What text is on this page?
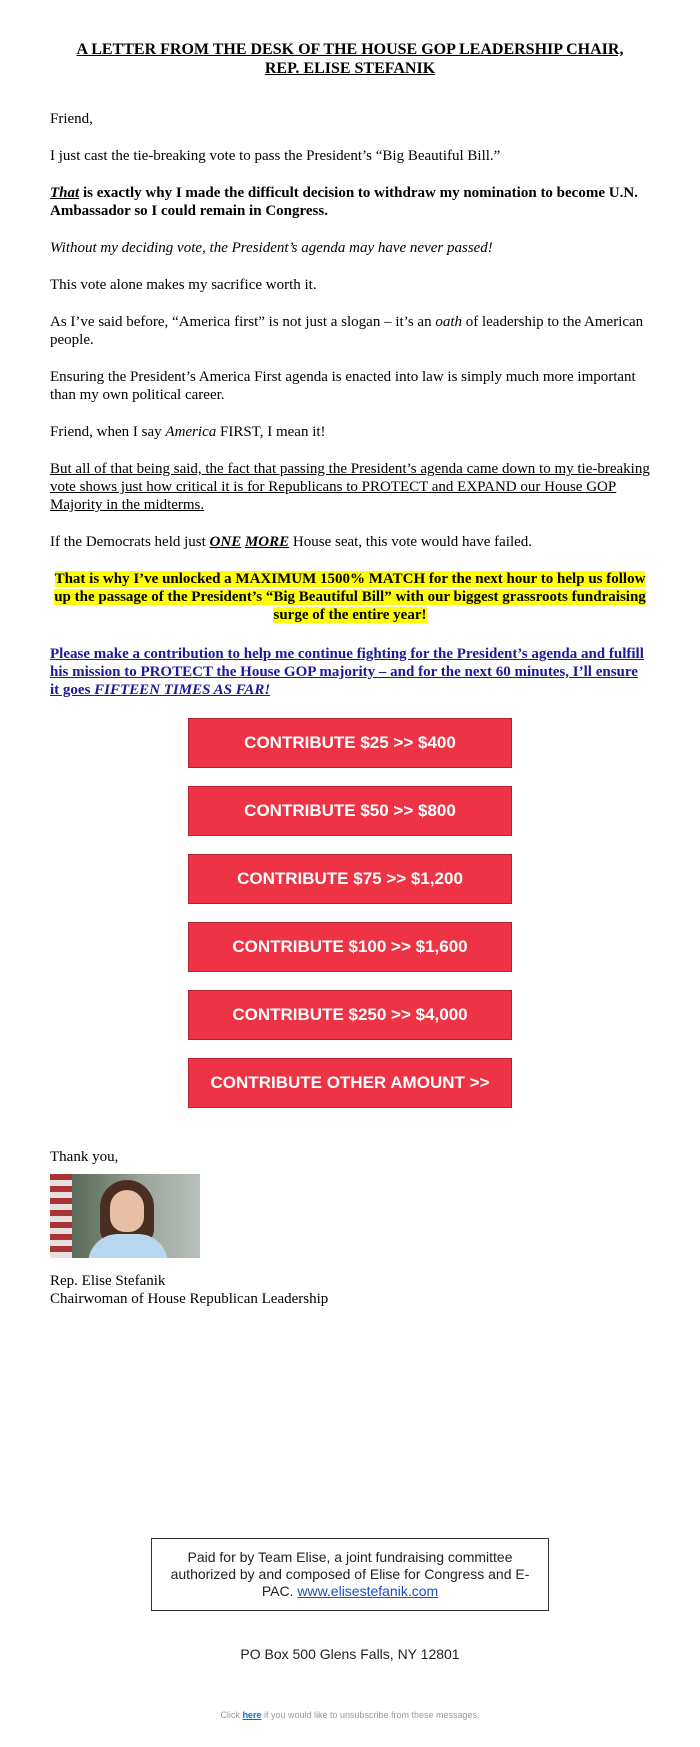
A LETTER FROM THE DESK OF THE HOUSE GOP LEADERSHIP CHAIR, REP. ELISE STEFANIK

Friend,

I just cast the tie-breaking vote to pass the President’s “Big Beautiful Bill.”

That is exactly why I made the difficult decision to withdraw my nomination to become U.N. Ambassador so I could remain in Congress.

Without my deciding vote, the President’s agenda may have never passed!

This vote alone makes my sacrifice worth it.

As I’ve said before, “America first” is not just a slogan – it’s an oath of leadership to the American people.

Ensuring the President’s America First agenda is enacted into law is simply much more important than my own political career.

Friend, when I say America FIRST, I mean it!

But all of that being said, the fact that passing the President’s agenda came down to my tie-breaking vote shows just how critical it is for Republicans to PROTECT and EXPAND our House GOP Majority in the midterms.

If the Democrats held just ONE MORE House seat, this vote would have failed.

That is why I’ve unlocked a MAXIMUM 1500% MATCH for the next hour to help us follow up the passage of the President’s “Big Beautiful Bill” with our biggest grassroots fundraising surge of the entire year!

Please make a contribution to help me continue fighting for the President’s agenda and fulfill his mission to PROTECT the House GOP majority – and for the next 60 minutes, I’ll ensure it goes FIFTEEN TIMES AS FAR!

CONTRIBUTE $25 >> $400
CONTRIBUTE $50 >> $800
CONTRIBUTE $75 >> $1,200
CONTRIBUTE $100 >> $1,600
CONTRIBUTE $250 >> $4,000
CONTRIBUTE OTHER AMOUNT >>

Thank you,

Rep. Elise Stefanik
Chairwoman of House Republican Leadership
Paid for by Team Elise, a joint fundraising committee authorized by and composed of Elise for Congress and E-PAC. www.elisestefanik.com
PO Box 500 Glens Falls, NY 12801
Click here if you would like to unsubscribe from these messages.
